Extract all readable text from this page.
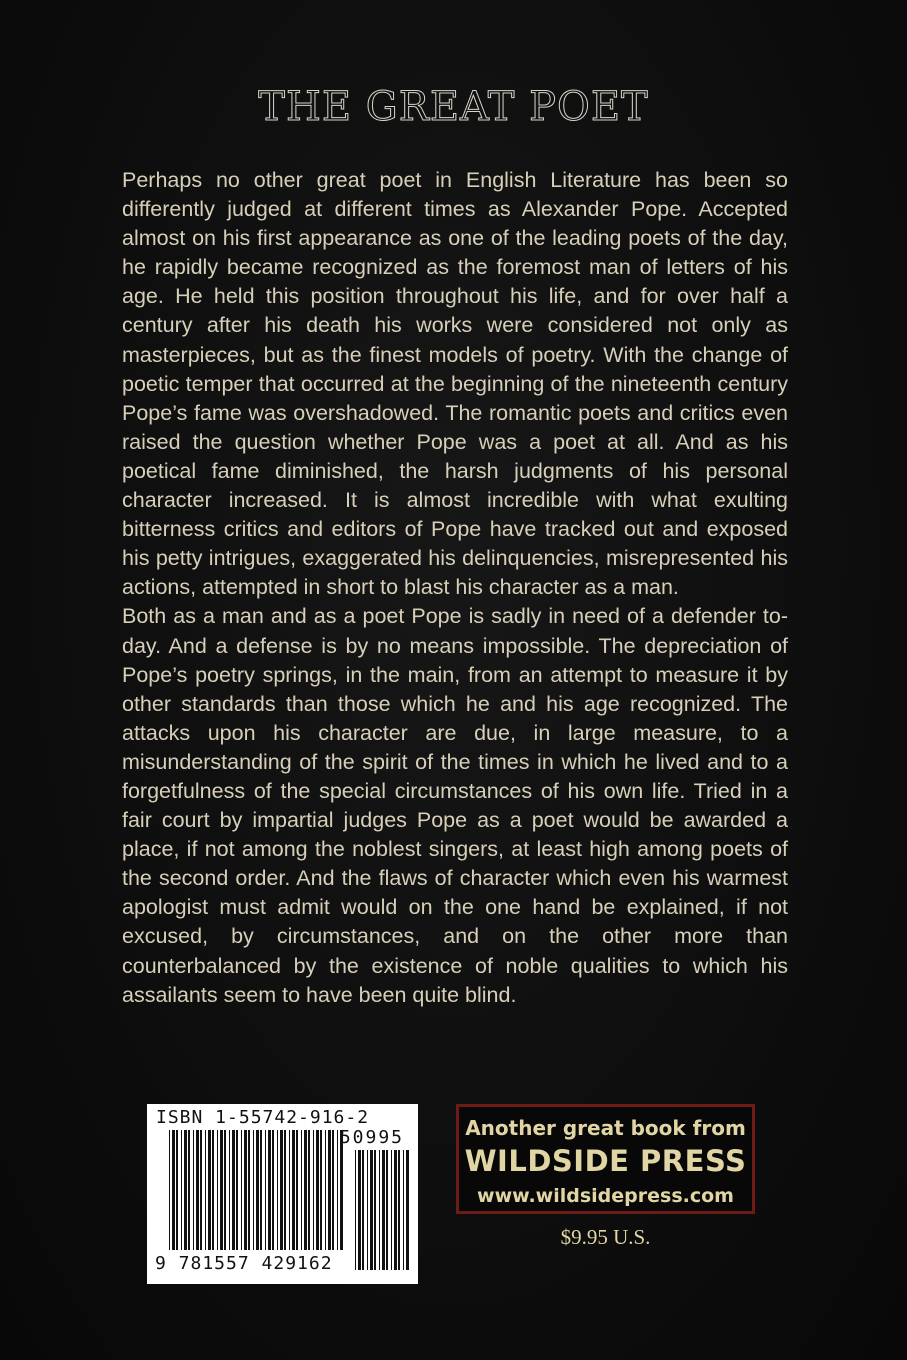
THE GREAT POET

Perhaps no other great poet in English Literature has been so differently judged at different times as Alexander Pope. Accepted almost on his first appearance as one of the leading poets of the day, he rapidly became recognized as the foremost man of letters of his age. He held this position throughout his life, and for over half a century after his death his works were considered not only as masterpieces, but as the finest models of poetry. With the change of poetic temper that occurred at the beginning of the nineteenth century Pope’s fame was overshadowed. The romantic poets and critics even raised the question whether Pope was a poet at all. And as his poetical fame diminished, the harsh judgments of his personal character increased. It is almost incredible with what exulting bitterness critics and editors of Pope have tracked out and exposed his petty intrigues, exaggerated his delinquencies, misrepresented his actions, attempted in short to blast his character as a man.

Both as a man and as a poet Pope is sadly in need of a defender to-day. And a defense is by no means impossible. The depreciation of Pope’s poetry springs, in the main, from an attempt to measure it by other standards than those which he and his age recognized. The attacks upon his character are due, in large measure, to a misunderstanding of the spirit of the times in which he lived and to a forgetfulness of the special circumstances of his own life. Tried in a fair court by impartial judges Pope as a poet would be awarded a place, if not among the noblest singers, at least high among poets of the second order. And the flaws of character which even his warmest apologist must admit would on the one hand be explained, if not excused, by circumstances, and on the other more than counterbalanced by the existence of noble qualities to which his assailants seem to have been quite blind.

ISBN 1-55742-916-2
50995
9 781557 429162
Another great book from
WILDSIDE PRESS
www.wildsidepress.com
$9.95 U.S.
